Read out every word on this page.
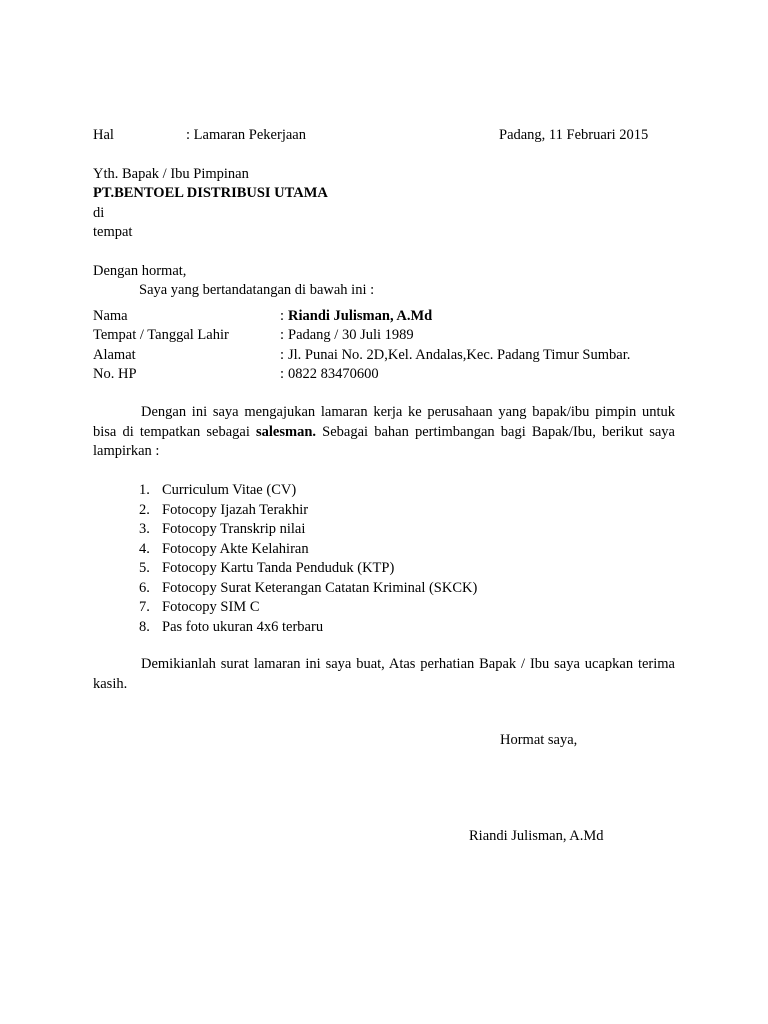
Hal	: Lamaran Pekerjaan	Padang, 11 Februari 2015
Yth. Bapak / Ibu Pimpinan
PT.BENTOEL DISTRIBUSI UTAMA
di
tempat
Dengan hormat,
Saya yang bertandatangan di bawah ini :
Nama	: Riandi Julisman, A.Md
Tempat / Tanggal Lahir	: Padang / 30 Juli 1989
Alamat	: Jl. Punai No. 2D,Kel. Andalas,Kec. Padang Timur Sumbar.
No. HP	: 0822 83470600

Dengan ini saya mengajukan lamaran kerja ke perusahaan yang bapak/ibu pimpin untuk bisa di tempatkan sebagai salesman. Sebagai bahan pertimbangan bagi Bapak/Ibu, berikut saya lampirkan :

1. Curriculum Vitae (CV)
2. Fotocopy Ijazah Terakhir
3. Fotocopy Transkrip nilai
4. Fotocopy Akte Kelahiran
5. Fotocopy Kartu Tanda Penduduk (KTP)
6. Fotocopy Surat Keterangan Catatan Kriminal (SKCK)
7. Fotocopy SIM C
8. Pas foto ukuran 4x6 terbaru

Demikianlah surat lamaran ini saya buat, Atas perhatian Bapak / Ibu saya ucapkan terima kasih.

Hormat saya,
Riandi Julisman, A.Md
